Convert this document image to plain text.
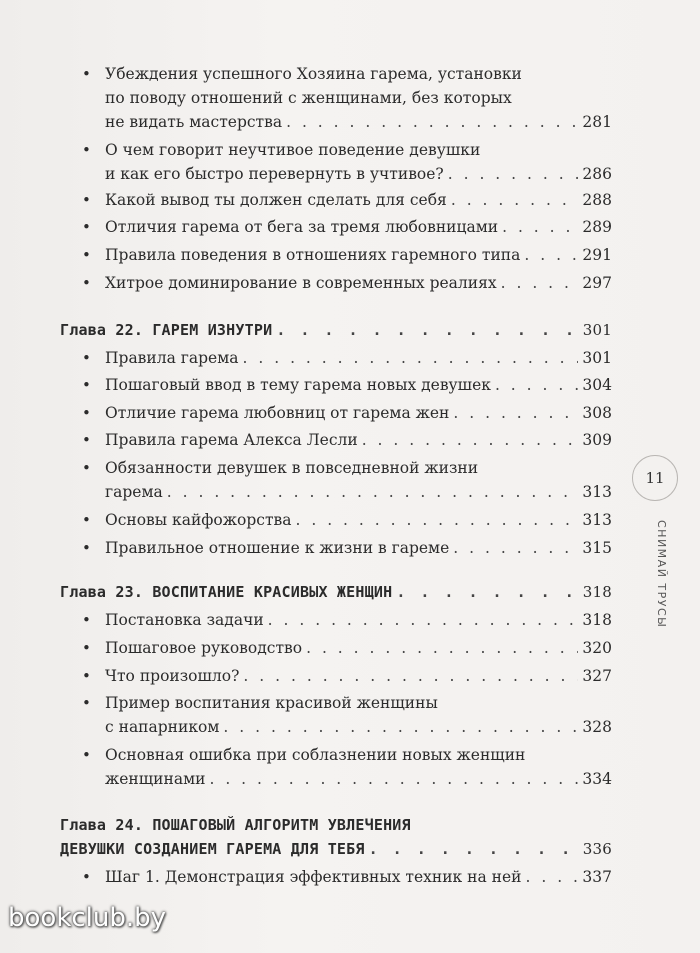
• Убеждения успешного Хозяина гарема, установки
по поводу отношений с женщинами, без которых
не видать мастерства . . .	281
• О чем говорит неучтивое поведение девушки
и как его быстро перевернуть в учтивое? . . .	286
• Какой вывод ты должен сделать для себя . . .	288
• Отличия гарема от бега за тремя любовницами . . .	289
• Правила поведения в отношениях гаремного типа . . .	291
• Хитрое доминирование в современных реалиях . . .	297
Глава 22.
ГАРЕМ ИЗНУТРИ . . .	301
• Правила гарема . . .	301
• Пошаговый ввод в тему гарема новых девушек . . .	304
• Отличие гарема любовниц от гарема жен . . .	308
• Правила гарема Алекса Лесли . . .	309
• Обязанности девушек в повседневной жизни
гарема . . .	313
• Основы кайфожорства . . .	313
• Правильное отношение к жизни в гареме . . .	315
Глава 23.
ВОСПИТАНИЕ КРАСИВЫХ ЖЕНЩИН . . .	318
• Постановка задачи . . .	318
• Пошаговое руководство . . .	320
• Что произошло? . . .	327
• Пример воспитания красивой женщины
с напарником . . .	328
• Основная ошибка при соблазнении новых женщин
женщинами . . .	334
Глава 24.
ПОШАГОВЫЙ АЛГОРИТМ УВЛЕЧЕНИЯ
ДЕВУШКИ СОЗДАНИЕМ ГАРЕМА ДЛЯ ТЕБЯ . . .	336
• Шаг 1. Демонстрация эффективных техник на ней . . .	337
11
СНИМАЙ ТРУСЫ
bookclub.by
